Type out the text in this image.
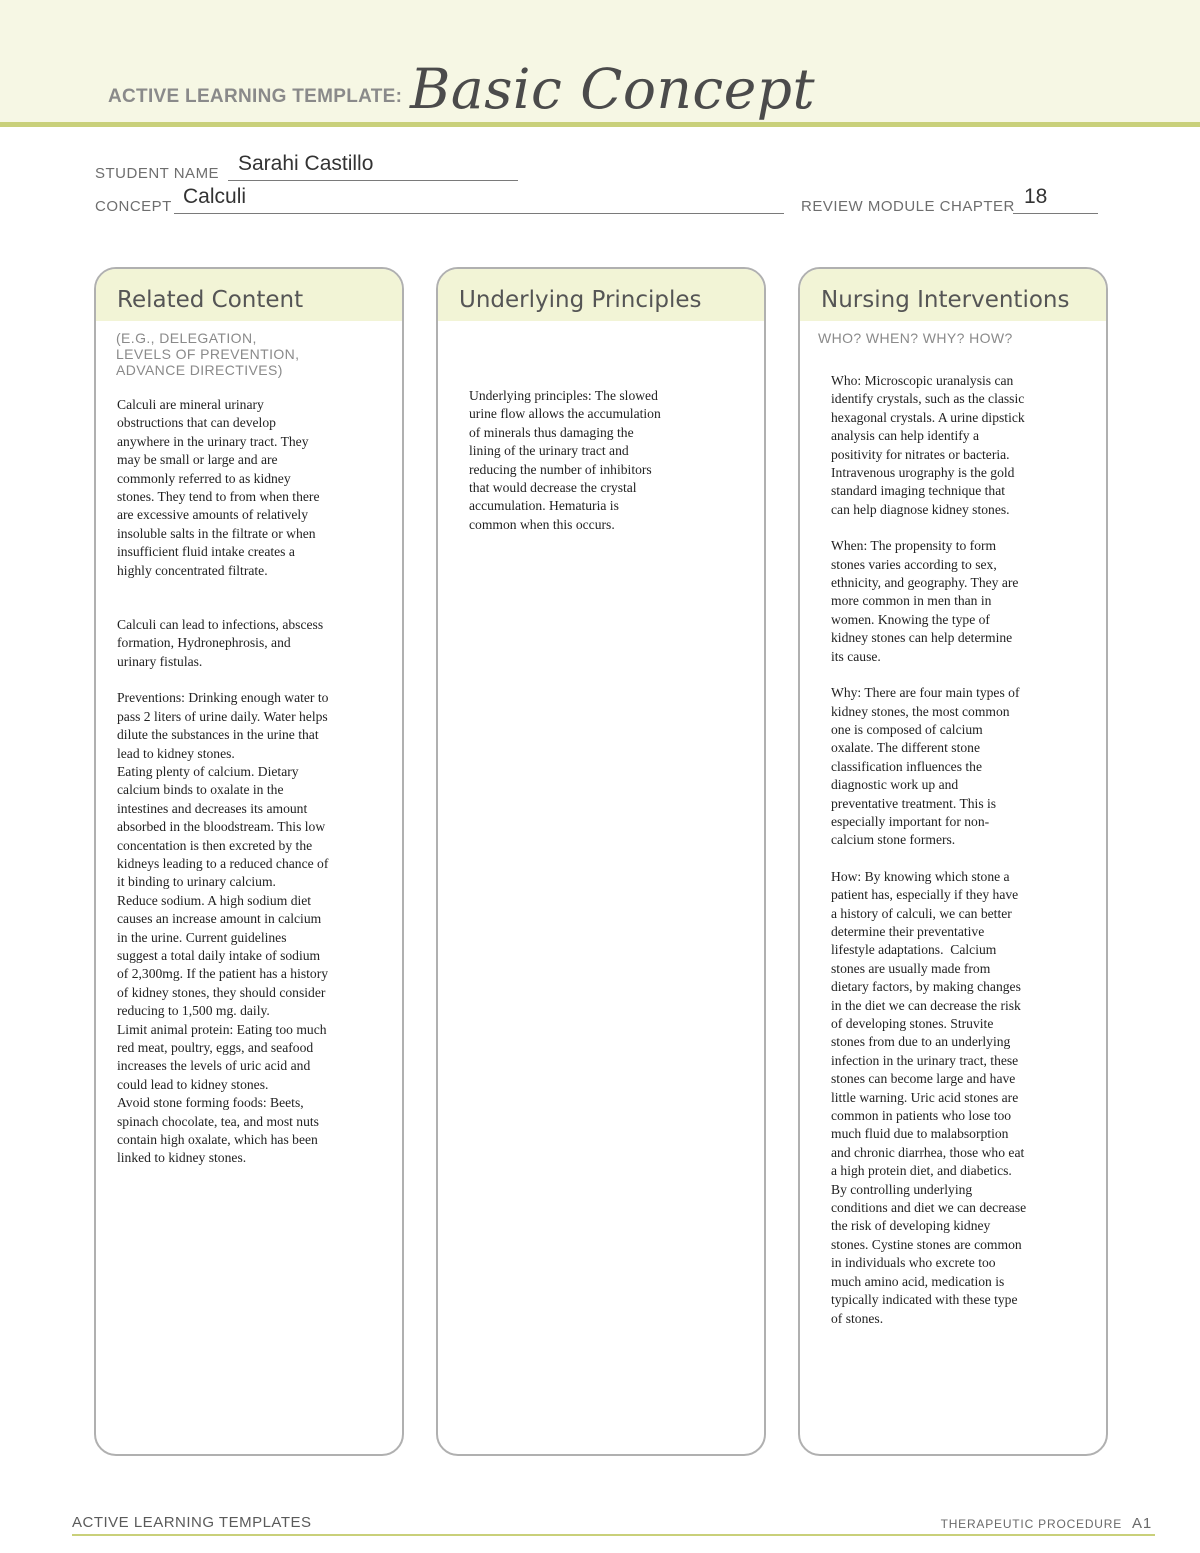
ACTIVE LEARNING TEMPLATE: Basic Concept
STUDENT NAME Sarahi Castillo
CONCEPT Calculi	REVIEW MODULE CHAPTER 18
Related Content
(E.G., DELEGATION,
LEVELS OF PREVENTION,
ADVANCE DIRECTIVES)

Calculi are mineral urinary
obstructions that can develop
anywhere in the urinary tract. They
may be small or large and are
commonly referred to as kidney
stones. They tend to from when there
are excessive amounts of relatively
insoluble salts in the filtrate or when
insufficient fluid intake creates a
highly concentrated filtrate.

Calculi can lead to infections, abscess
formation, Hydronephrosis, and
urinary fistulas.

Preventions: Drinking enough water to
pass 2 liters of urine daily. Water helps
dilute the substances in the urine that
lead to kidney stones.
Eating plenty of calcium. Dietary
calcium binds to oxalate in the
intestines and decreases its amount
absorbed in the bloodstream. This low
concentation is then excreted by the
kidneys leading to a reduced chance of
it binding to urinary calcium.
Reduce sodium. A high sodium diet
causes an increase amount in calcium
in the urine. Current guidelines
suggest a total daily intake of sodium
of 2,300mg. If the patient has a history
of kidney stones, they should consider
reducing to 1,500 mg. daily.
Limit animal protein: Eating too much
red meat, poultry, eggs, and seafood
increases the levels of uric acid and
could lead to kidney stones.
Avoid stone forming foods: Beets,
spinach chocolate, tea, and most nuts
contain high oxalate, which has been
linked to kidney stones.

Underlying Principles

Underlying principles: The slowed
urine flow allows the accumulation
of minerals thus damaging the
lining of the urinary tract and
reducing the number of inhibitors
that would decrease the crystal
accumulation. Hematuria is
common when this occurs.

Nursing Interventions
WHO? WHEN? WHY? HOW?

Who: Microscopic uranalysis can
identify crystals, such as the classic
hexagonal crystals. A urine dipstick
analysis can help identify a
positivity for nitrates or bacteria.
Intravenous urography is the gold
standard imaging technique that
can help diagnose kidney stones.

When: The propensity to form
stones varies according to sex,
ethnicity, and geography. They are
more common in men than in
women. Knowing the type of
kidney stones can help determine
its cause.

Why: There are four main types of
kidney stones, the most common
one is composed of calcium
oxalate. The different stone
classification influences the
diagnostic work up and
preventative treatment. This is
especially important for non-
calcium stone formers.

How: By knowing which stone a
patient has, especially if they have
a history of calculi, we can better
determine their preventative
lifestyle adaptations.  Calcium
stones are usually made from
dietary factors, by making changes
in the diet we can decrease the risk
of developing stones. Struvite
stones from due to an underlying
infection in the urinary tract, these
stones can become large and have
little warning. Uric acid stones are
common in patients who lose too
much fluid due to malabsorption
and chronic diarrhea, those who eat
a high protein diet, and diabetics.
By controlling underlying
conditions and diet we can decrease
the risk of developing kidney
stones. Cystine stones are common
in individuals who excrete too
much amino acid, medication is
typically indicated with these type
of stones.

ACTIVE LEARNING TEMPLATES	THERAPEUTIC PROCEDURE A1
